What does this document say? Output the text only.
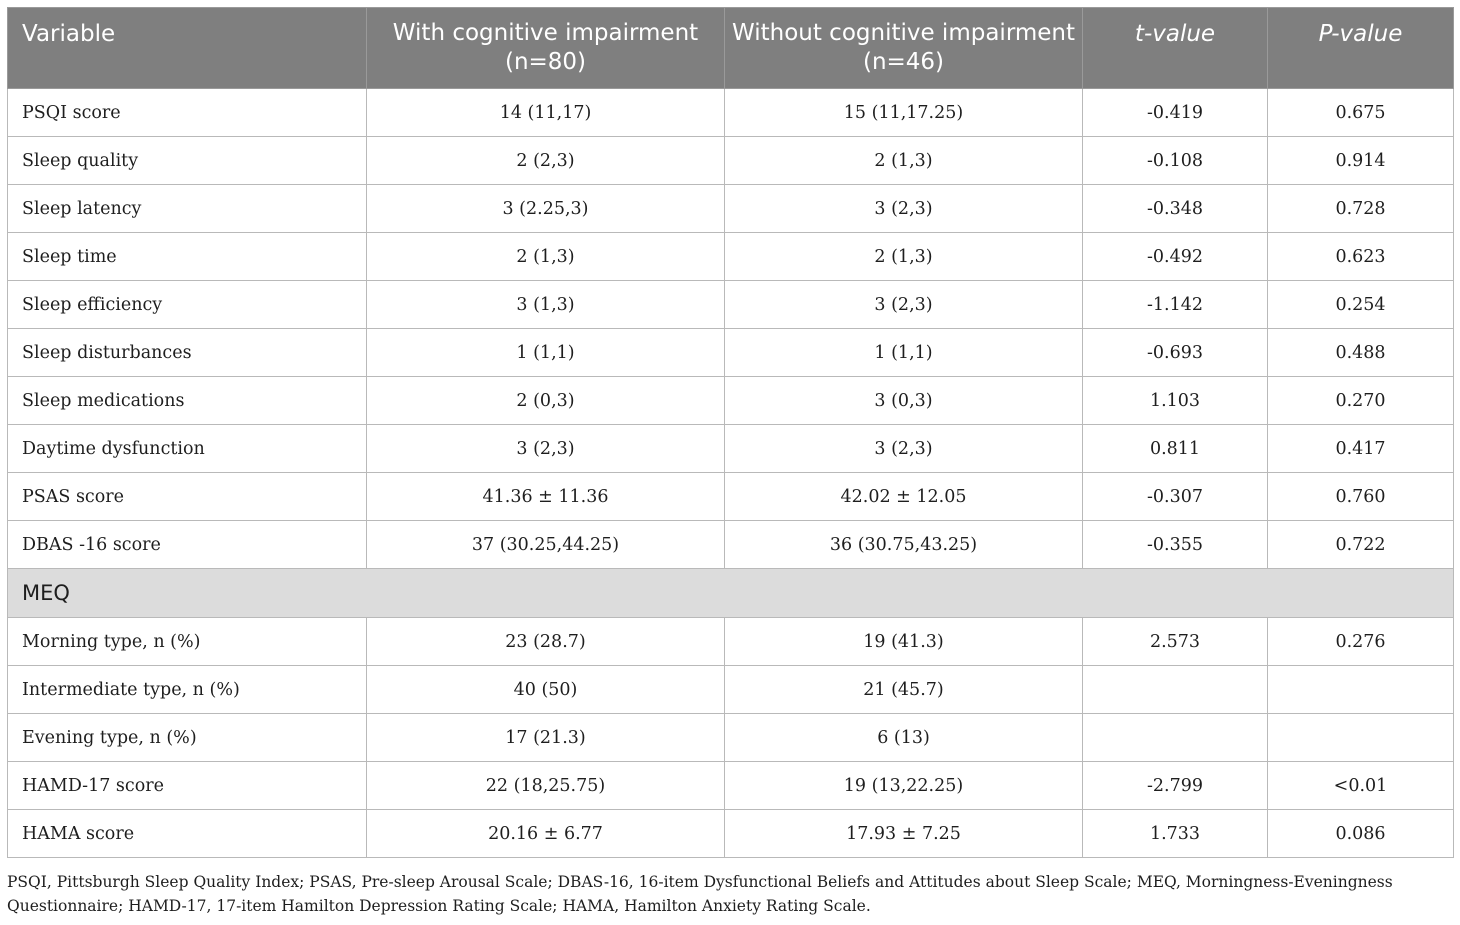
Variable	With cognitive impairment (n=80)	Without cognitive impairment (n=46)	t-value	P-value
PSQI score	14 (11,17)	15 (11,17.25)	-0.419	0.675
Sleep quality	2 (2,3)	2 (1,3)	-0.108	0.914
Sleep latency	3 (2.25,3)	3 (2,3)	-0.348	0.728
Sleep time	2 (1,3)	2 (1,3)	-0.492	0.623
Sleep efficiency	3 (1,3)	3 (2,3)	-1.142	0.254
Sleep disturbances	1 (1,1)	1 (1,1)	-0.693	0.488
Sleep medications	2 (0,3)	3 (0,3)	1.103	0.270
Daytime dysfunction	3 (2,3)	3 (2,3)	0.811	0.417
PSAS score	41.36 ± 11.36	42.02 ± 12.05	-0.307	0.760
DBAS -16 score	37 (30.25,44.25)	36 (30.75,43.25)	-0.355	0.722
MEQ				
Morning type, n (%)	23 (28.7)	19 (41.3)	2.573	0.276
Intermediate type, n (%)	40 (50)	21 (45.7)		
Evening type, n (%)	17 (21.3)	6 (13)		
HAMD-17 score	22 (18,25.75)	19 (13,22.25)	-2.799	<0.01
HAMA score	20.16 ± 6.77	17.93 ± 7.25	1.733	0.086
PSQI, Pittsburgh Sleep Quality Index; PSAS, Pre-sleep Arousal Scale; DBAS-16, 16-item Dysfunctional Beliefs and Attitudes about Sleep Scale; MEQ, Morningness-Eveningness Questionnaire; HAMD-17, 17-item Hamilton Depression Rating Scale; HAMA, Hamilton Anxiety Rating Scale.
